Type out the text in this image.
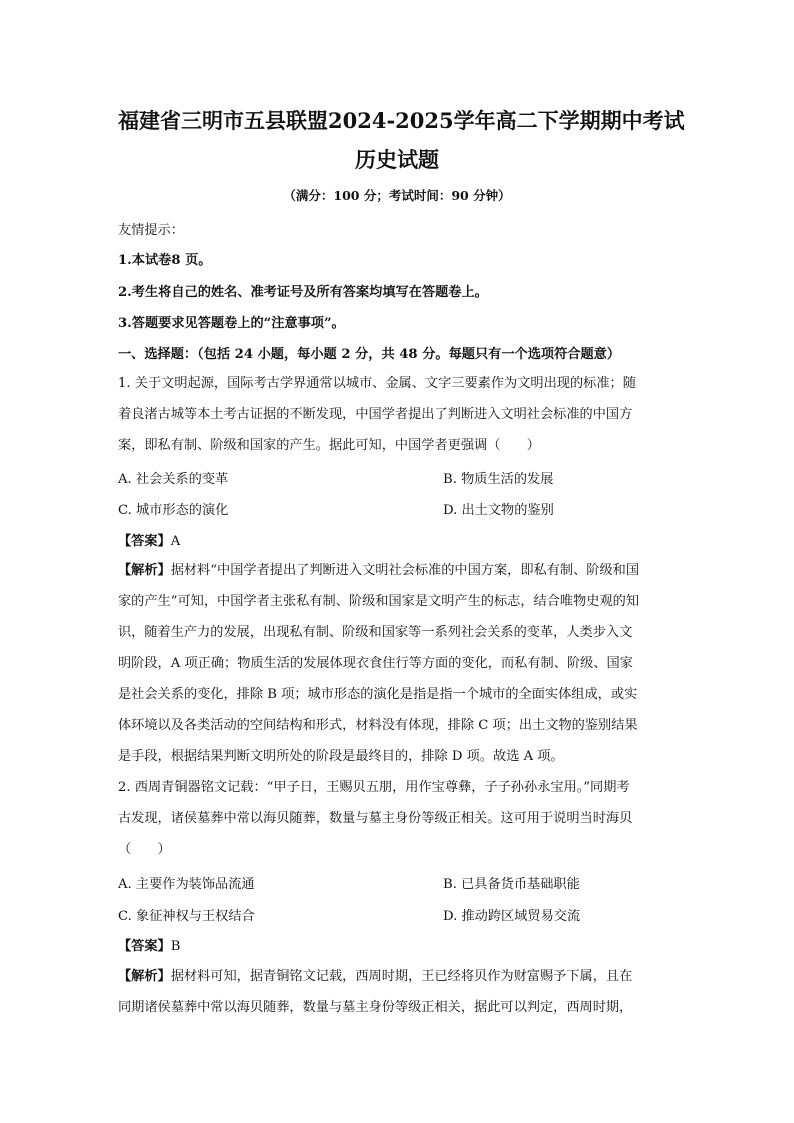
福建省三明市五县联盟2024-2025学年高二下学期期中考试
历史试题
（满分：100 分；考试时间：90 分钟）
友情提示：
1.本试卷8 页。
2.考生将自己的姓名、准考证号及所有答案均填写在答题卷上。
3.答题要求见答题卷上的“注意事项”。
一、选择题：（包括 24 小题，每小题 2 分，共 48 分。每题只有一个选项符合题意）
1. 关于文明起源，国际考古学界通常以城市、金属、文字三要素作为文明出现的标准；随
着良渚古城等本土考古证据的不断发现，中国学者提出了判断进入文明社会标准的中国方
案，即私有制、阶级和国家的产生。据此可知，中国学者更强调（　　）
A. 社会关系的变革	B. 物质生活的发展
C. 城市形态的演化	D. 出土文物的鉴别
【答案】A
【解析】据材料“中国学者提出了判断进入文明社会标准的中国方案，即私有制、阶级和国
家的产生”可知，中国学者主张私有制、阶级和国家是文明产生的标志，结合唯物史观的知
识，随着生产力的发展，出现私有制、阶级和国家等一系列社会关系的变革，人类步入文
明阶段，A 项正确；物质生活的发展体现衣食住行等方面的变化，而私有制、阶级、国家
是社会关系的变化，排除 B 项；城市形态的演化是指是指一个城市的全面实体组成，或实
体环境以及各类活动的空间结构和形式，材料没有体现，排除 C 项；出土文物的鉴别结果
是手段，根据结果判断文明所处的阶段是最终目的，排除 D 项。故选 A 项。
2. 西周青铜器铭文记载：“甲子日，王赐贝五朋，用作宝尊彝，子子孙孙永宝用。”同期考
古发现，诸侯墓葬中常以海贝随葬，数量与墓主身份等级正相关。这可用于说明当时海贝
（　　）
A. 主要作为装饰品流通	B. 已具备货币基础职能
C. 象征神权与王权结合	D. 推动跨区域贸易交流
【答案】B
【解析】据材料可知，据青铜铭文记载，西周时期，王已经将贝作为财富赐予下属，且在
同期诸侯墓葬中常以海贝随葬，数量与墓主身份等级正相关，据此可以判定，西周时期，
